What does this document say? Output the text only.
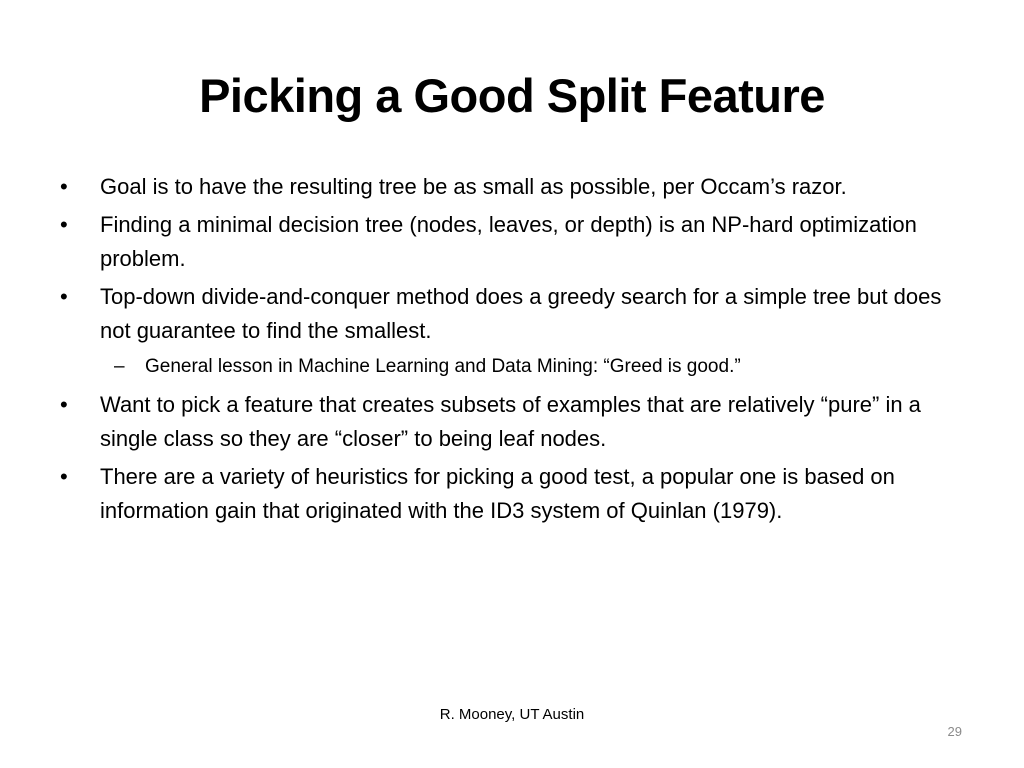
Picking a Good Split Feature
• Goal is to have the resulting tree be as small as possible, per Occam’s razor.
• Finding a minimal decision tree (nodes, leaves, or depth) is an NP-hard optimization problem.
• Top-down divide-and-conquer method does a greedy search for a simple tree but does not guarantee to find the smallest.
– General lesson in Machine Learning and Data Mining: “Greed is good.”
• Want to pick a feature that creates subsets of examples that are relatively “pure” in a single class so they are “closer” to being leaf nodes.
• There are a variety of heuristics for picking a good test, a popular one is based on information gain that originated with the ID3 system of Quinlan (1979).
R. Mooney, UT Austin
29
